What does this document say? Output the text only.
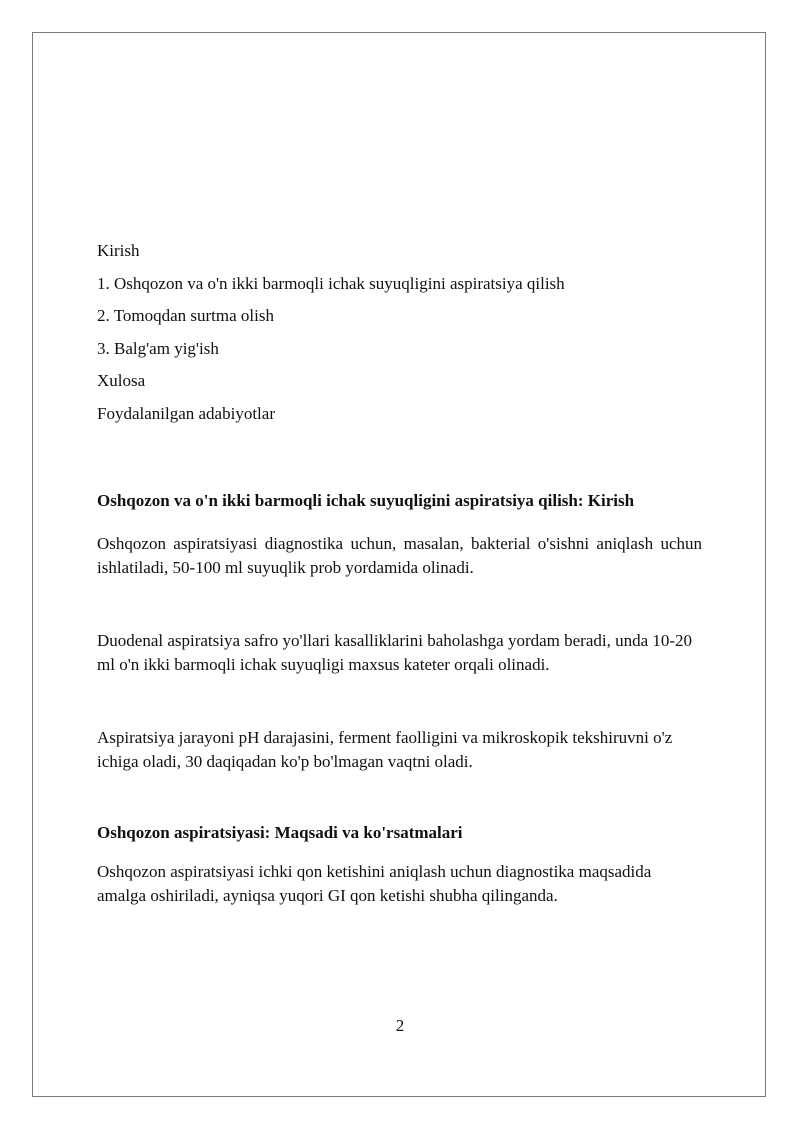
Kirish

1. Oshqozon va o'n ikki barmoqli ichak suyuqligini aspiratsiya qilish

2. Tomoqdan surtma olish

3. Balg'am yig'ish

Xulosa

Foydalanilgan adabiyotlar

Oshqozon va o'n ikki barmoqli ichak suyuqligini aspiratsiya qilish: Kirish

Oshqozon aspiratsiyasi diagnostika uchun, masalan, bakterial o'sishni aniqlash uchun ishlatiladi, 50-100 ml suyuqlik prob yordamida olinadi.

Duodenal aspiratsiya safro yo'llari kasalliklarini baholashga yordam beradi, unda 10-20 ml o'n ikki barmoqli ichak suyuqligi maxsus kateter orqali olinadi.

Aspiratsiya jarayoni pH darajasini, ferment faolligini va mikroskopik tekshiruvni o'z ichiga oladi, 30 daqiqadan ko'p bo'lmagan vaqtni oladi.

Oshqozon aspiratsiyasi: Maqsadi va ko'rsatmalari

Oshqozon aspiratsiyasi ichki qon ketishini aniqlash uchun diagnostika maqsadida amalga oshiriladi, ayniqsa yuqori GI qon ketishi shubha qilinganda.

2
